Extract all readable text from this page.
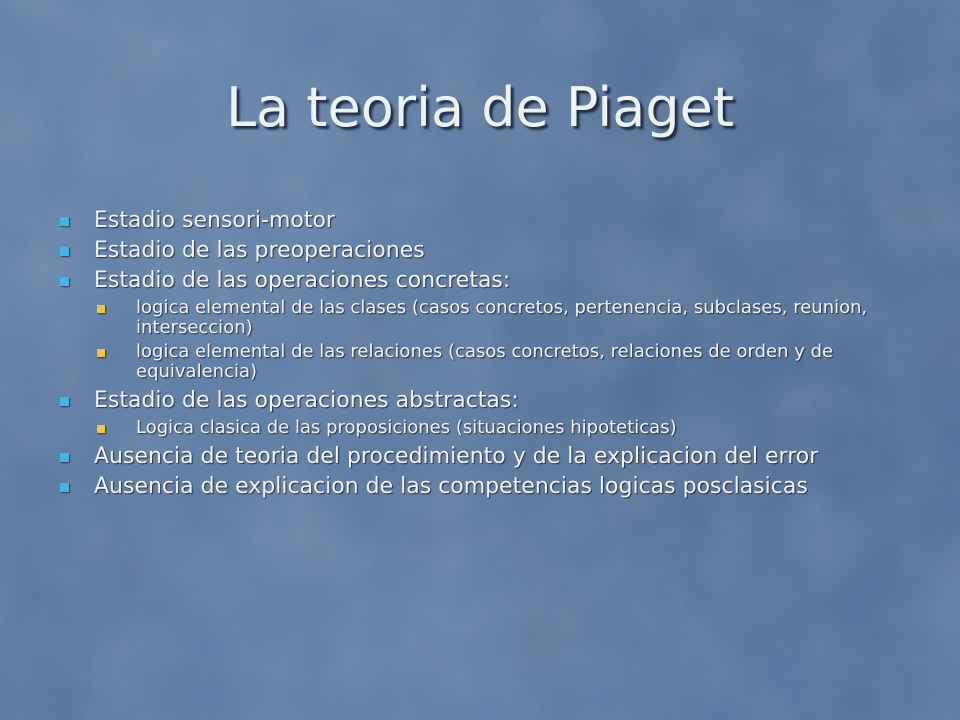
La teoria de Piaget
Estadio sensori-motor
Estadio de las preoperaciones
Estadio de las operaciones concretas:
logica elemental de las clases (casos concretos, pertenencia, subclases, reunion, interseccion)
logica elemental de las relaciones (casos concretos, relaciones de orden y de equivalencia)
Estadio de las operaciones abstractas:
Logica clasica de las proposiciones (situaciones hipoteticas)
Ausencia de teoria del procedimiento y de la explicacion del error
Ausencia de explicacion de las competencias logicas posclasicas
